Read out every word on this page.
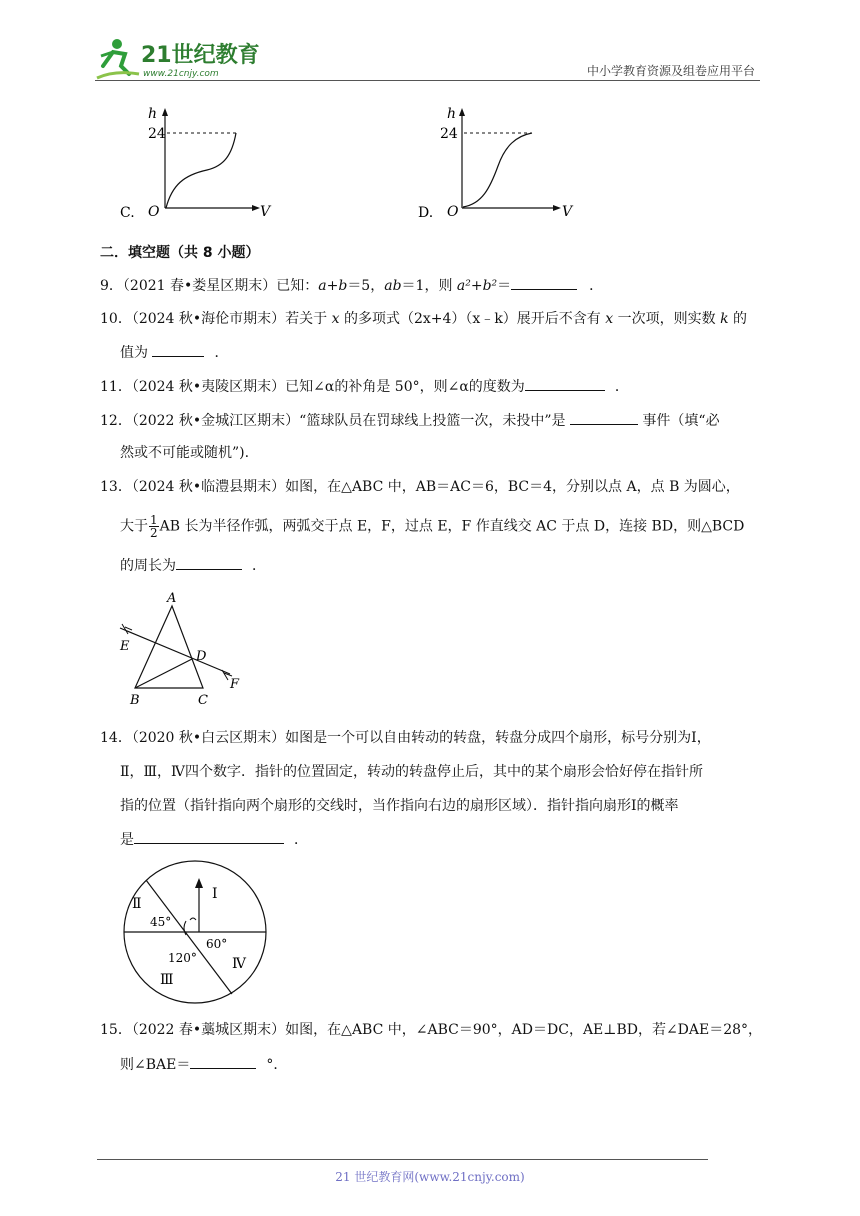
21世纪教育
www.21cnjy.com	中小学教育资源及组卷应用平台
C.
h
24
O	V	D.
h
24
O	V
二．填空题（共 8 小题）
9．（2021 春•娄星区期末）已知：a+b＝5，ab＝1，则 a²+b²＝	．
10．（2024 秋•海伦市期末）若关于 x 的多项式（2x+4）（x﹣k）展开后不含有 x 一次项，则实数 k 的
值为	．
11．（2024 秋•夷陵区期末）已知∠α的补角是 50°，则∠α的度数为	．
12．（2022 秋•金城江区期末）“篮球队员在罚球线上投篮一次，未投中”是	事件（填“必
然或不可能或随机”).
13．（2024 秋•临澧县期末）如图，在△ABC 中，AB＝AC＝6，BC＝4，分别以点 A，点 B 为圆心，
大于 $\frac{1}{2}$ AB 长为半径作弧，两弧交于点 E，F，过点 E，F 作直线交 AC 于点 D，连接 BD，则△BCD
的周长为	．
A
B	C
D
E
F
14．（2020 秋•白云区期末）如图是一个可以自由转动的转盘，转盘分成四个扇形，标号分别为Ⅰ，
Ⅱ，Ⅲ，Ⅳ四个数字．指针的位置固定，转动的转盘停止后，其中的某个扇形会恰好停在指针所
指的位置（指针指向两个扇形的交线时，当作指向右边的扇形区域）．指针指向扇形Ⅰ的概率
是	．
Ⅰ
Ⅱ
Ⅲ
Ⅳ
45°
60°
120°
15．（2022 春•藁城区期末）如图，在△ABC 中，∠ABC＝90°，AD＝DC，AE⊥BD，若∠DAE＝28°，
则∠BAE＝	°．
21 世纪教育网(www.21cnjy.com)
